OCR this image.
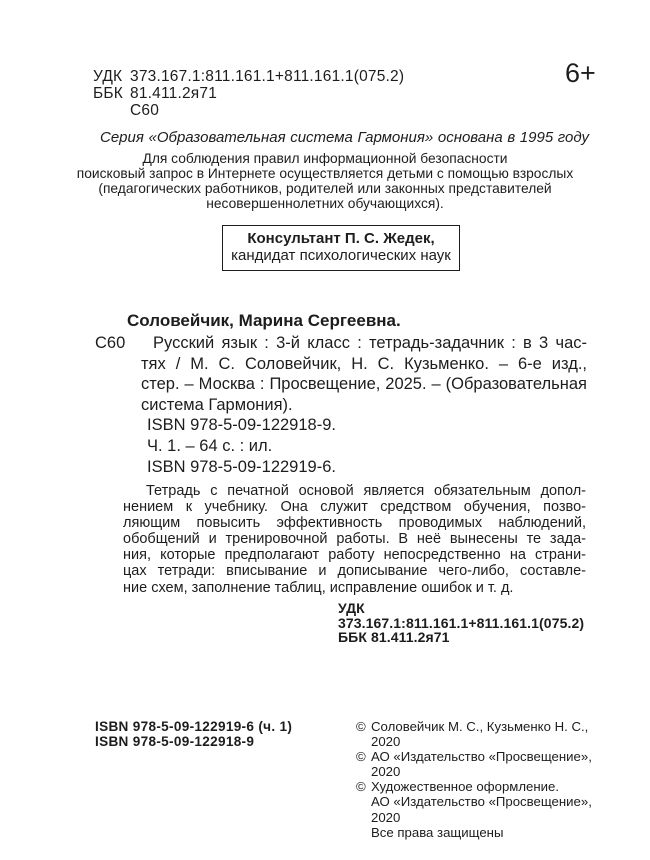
УДК 373.167.1:811.161.1+811.161.1(075.2)
ББК 81.411.2я71
С60
6+
Серия «Образовательная система Гармония» основана в 1995 году
Для соблюдения правил информационной безопасности
поисковый запрос в Интернете осуществляется детьми с помощью взрослых
(педагогических работников, родителей или законных представителей
несовершеннолетних обучающихся).
Консультант П. С. Жедек,
кандидат психологических наук
Соловейчик, Марина Сергеевна.
С60	Русский язык : 3-й класс : тетрадь-задачник : в 3 час-
тях / М. С. Соловейчик, Н. С. Кузьменко. – 6-е изд.,
стер. – Москва : Просвещение, 2025. – (Образовательная
система Гармония).
ISBN 978-5-09-122918-9.
Ч. 1. – 64 с. : ил.
ISBN 978-5-09-122919-6.
Тетрадь с печатной основой является обязательным допол-
нением к учебнику. Она служит средством обучения, позво-
ляющим повысить эффективность проводимых наблюдений,
обобщений и тренировочной работы. В неё вынесены те зада-
ния, которые предполагают работу непосредственно на страни-
цах тетради: вписывание и дописывание чего-либо, составле-
ние схем, заполнение таблиц, исправление ошибок и т. д.
УДК 373.167.1:811.161.1+811.161.1(075.2)
ББК 81.411.2я71
ISBN 978-5-09-122919-6 (ч. 1)
ISBN 978-5-09-122918-9
© Соловейчик М. С., Кузьменко Н. С., 2020
© АО «Издательство «Просвещение», 2020
© Художественное оформление.
АО «Издательство «Просвещение», 2020
Все права защищены
